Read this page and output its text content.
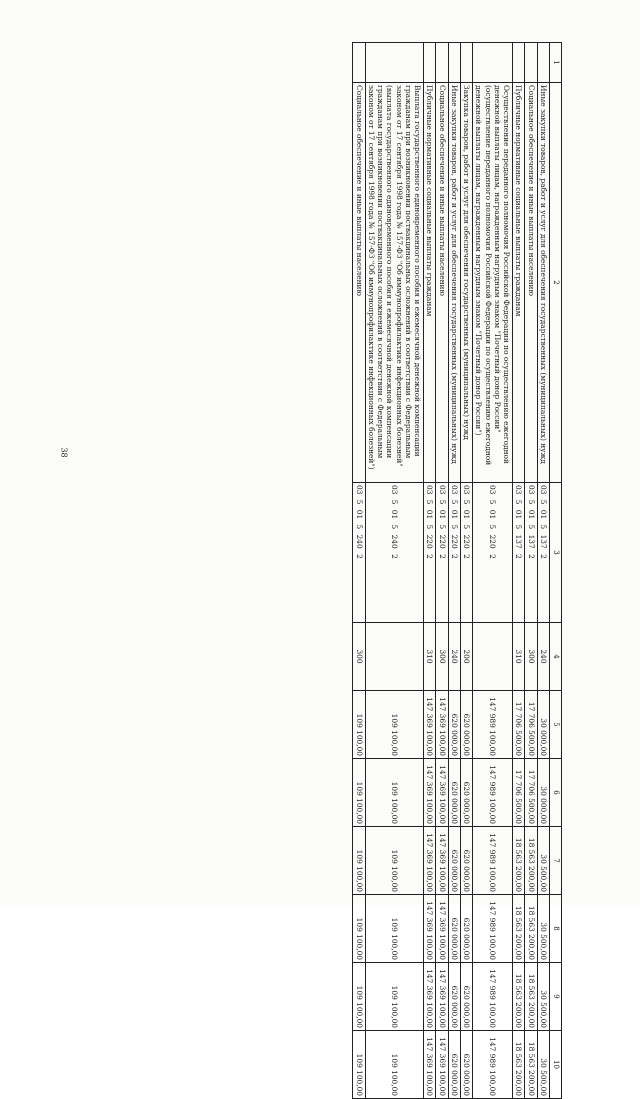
38
1	2	3	4	5	6	7	8	9	10
	Иные закупки товаров, работ и услуг для обеспечения государственных (муниципальных) нужд	03 5 01 5 137 2	240	30 000,00	30 000,00	30 500,00	30 500,00	30 500,00	30 500,00
	Социальное обеспечение и иные выплаты населению	03 5 01 5 137 2	300	17 706 500,00	17 706 500,00	18 563 200,00	18 563 200,00	18 563 200,00	18 563 200,00
	Публичные нормативные социальные выплаты гражданам	03 5 01 5 137 2	310	17 706 500,00	17 706 500,00	18 563 200,00	18 563 200,00	18 563 200,00	18 563 200,00
	Осуществление переданного полномочия Российской Федерации по осуществлению ежегодной денежной выплаты лицам, награжденным нагрудным знаком "Почетный донор России" (осуществление переданного полномочия Российской Федерации по осуществлению ежегодной денежной выплаты лицам, награжденным нагрудным знаком "Почетный донор России")	03 5 01 5 220 2		147 989 100,00	147 989 100,00	147 989 100,00	147 989 100,00	147 989 100,00	147 989 100,00
	Закупка товаров, работ и услуг для обеспечения государственных (муниципальных) нужд	03 5 01 5 220 2	200	620 000,00	620 000,00	620 000,00	620 000,00	620 000,00	620 000,00
	Иные закупки товаров, работ и услуг для обеспечения государственных (муниципальных) нужд	03 5 01 5 220 2	240	620 000,00	620 000,00	620 000,00	620 000,00	620 000,00	620 000,00
	Социальное обеспечение и иные выплаты населению	03 5 01 5 220 2	300	147 369 100,00	147 369 100,00	147 369 100,00	147 369 100,00	147 369 100,00	147 369 100,00
	Публичные нормативные социальные выплаты гражданам	03 5 01 5 220 2	310	147 369 100,00	147 369 100,00	147 369 100,00	147 369 100,00	147 369 100,00	147 369 100,00
	Выплата государственного единовременного пособия и ежемесячной денежной компенсации гражданам при возникновении поствакцинальных осложнений в соответствии с Федеральным законом от 17 сентября 1998 года № 157-ФЗ "Об иммунопрофилактике инфекционных болезней" (выплата государственного единовременного пособия и ежемесячной денежной компенсации гражданам при возникновении поствакцинальных осложнений в соответствии с Федеральным законом от 17 сентября 1998 года № 157-ФЗ "Об иммунопрофилактике инфекционных болезней")	03 5 01 5 240 2		109 100,00	109 100,00	109 100,00	109 100,00	109 100,00	109 100,00
	Социальное обеспечение и иные выплаты населению	03 5 01 5 240 2	300	109 100,00	109 100,00	109 100,00	109 100,00	109 100,00	109 100,00
